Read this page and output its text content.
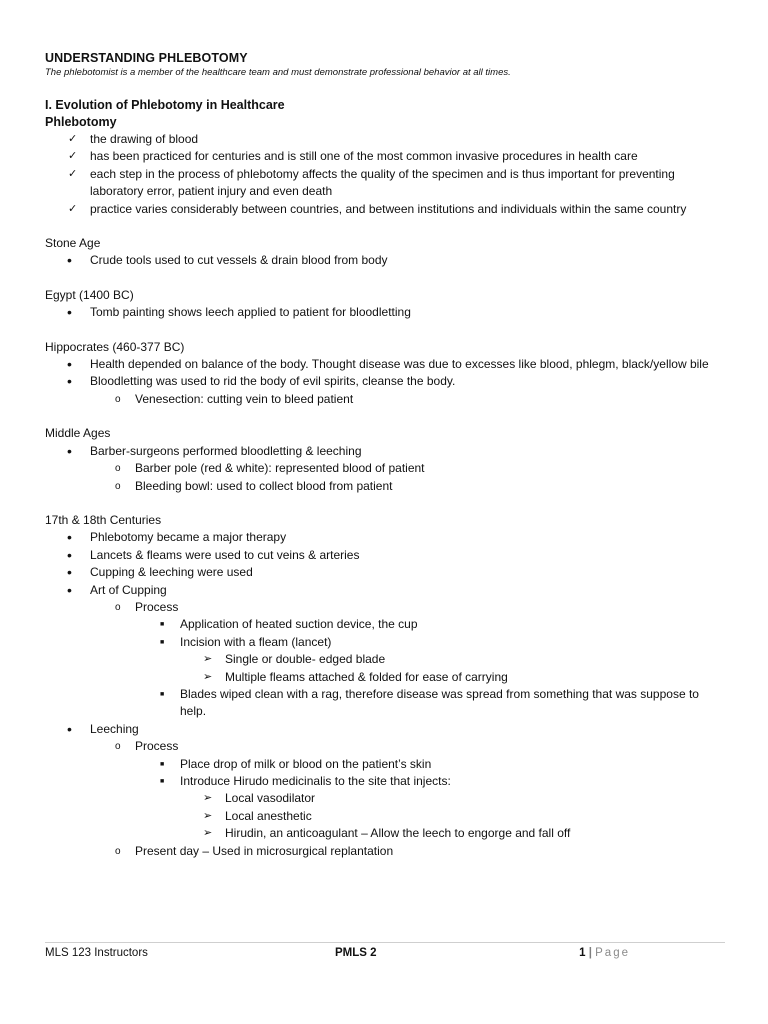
UNDERSTANDING PHLEBOTOMY
The phlebotomist is a member of the healthcare team and must demonstrate professional behavior at all times.
I. Evolution of Phlebotomy in Healthcare
Phlebotomy
✓ the drawing of blood
✓ has been practiced for centuries and is still one of the most common invasive procedures in health care
✓ each step in the process of phlebotomy affects the quality of the specimen and is thus important for preventing laboratory error, patient injury and even death
✓ practice varies considerably between countries, and between institutions and individuals within the same country
Stone Age
• Crude tools used to cut vessels & drain blood from body
Egypt (1400 BC)
• Tomb painting shows leech applied to patient for bloodletting
Hippocrates (460-377 BC)
• Health depended on balance of the body. Thought disease was due to excesses like blood, phlegm, black/yellow bile
• Bloodletting was used to rid the body of evil spirits, cleanse the body.
o Venesection: cutting vein to bleed patient
Middle Ages
• Barber-surgeons performed bloodletting & leeching
o Barber pole (red & white): represented blood of patient
o Bleeding bowl: used to collect blood from patient
17th & 18th Centuries
• Phlebotomy became a major therapy
• Lancets & fleams were used to cut veins & arteries
• Cupping & leeching were used
• Art of Cupping
o Process
■ Application of heated suction device, the cup
■ Incision with a fleam (lancet)
➢ Single or double- edged blade
➢ Multiple fleams attached & folded for ease of carrying
■ Blades wiped clean with a rag, therefore disease was spread from something that was suppose to help.
• Leeching
o Process
■ Place drop of milk or blood on the patient’s skin
■ Introduce Hirudo medicinalis to the site that injects:
➢ Local vasodilator
➢ Local anesthetic
➢ Hirudin, an anticoagulant – Allow the leech to engorge and fall off
o Present day – Used in microsurgical replantation
MLS 123 Instructors	PMLS 2	1 | Page
